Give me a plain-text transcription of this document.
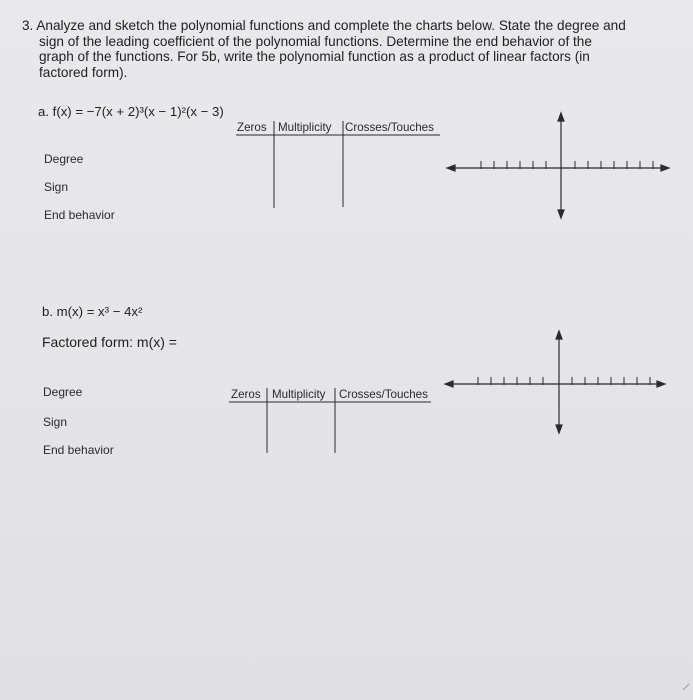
3. Analyze and sketch the polynomial functions and complete the charts below. State the degree and
sign of the leading coefficient of the polynomial functions. Determine the end behavior of the
graph of the functions. For 5b, write the polynomial function as a product of linear factors (in
factored form).
a. f(x) = −7(x + 2)³(x − 1)²(x − 3)
Zeros Multiplicity Crosses/Touches
Degree
Sign
End behavior
b. m(x) = x³ − 4x²
Factored form: m(x) =
Degree
Sign
End behavior
Zeros Multiplicity Crosses/Touches
